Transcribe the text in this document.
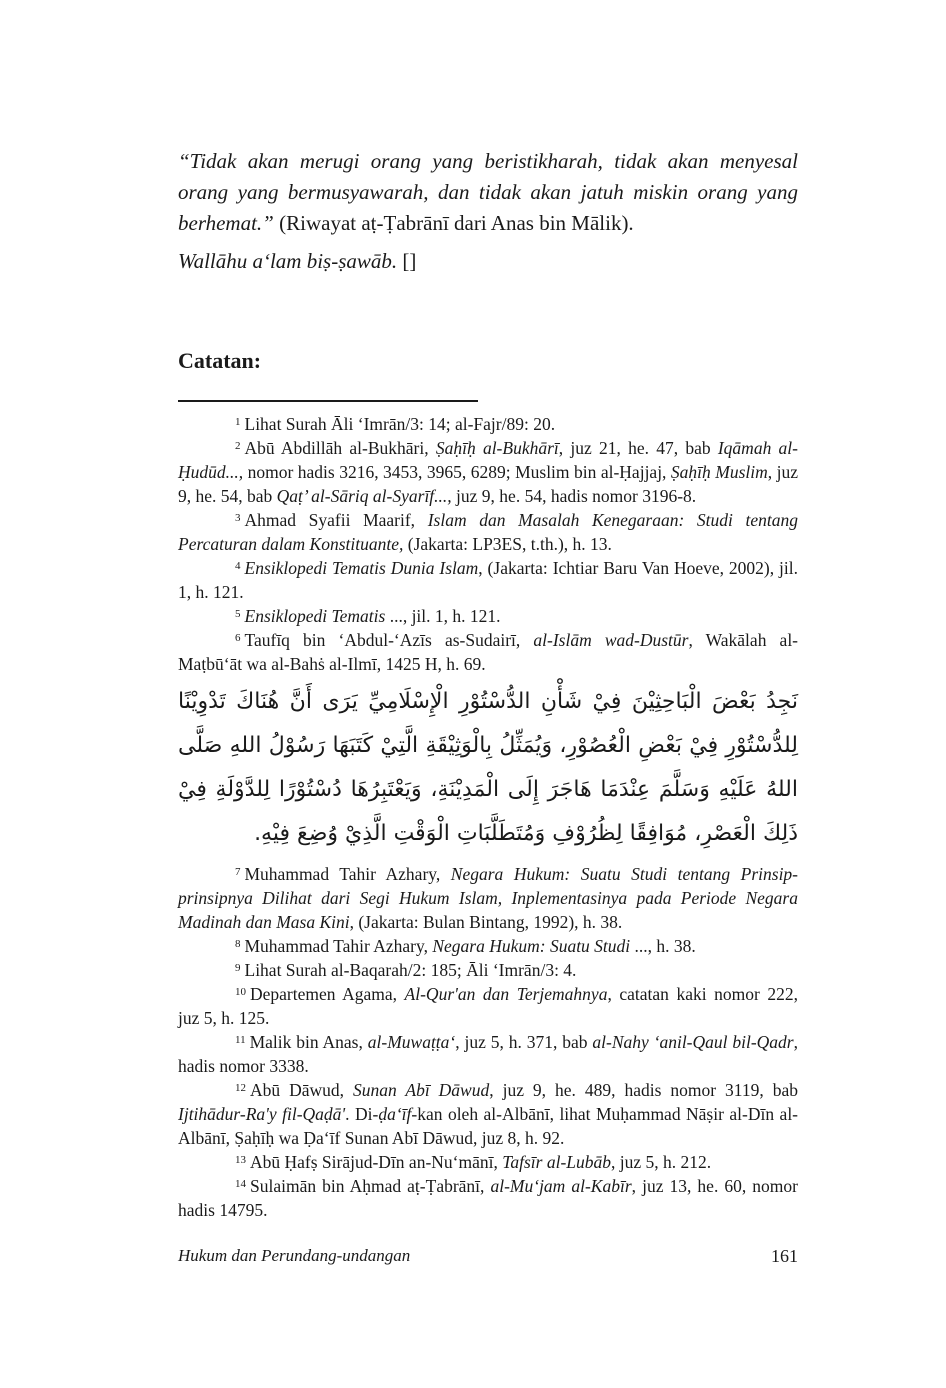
“Tidak akan merugi orang yang beristikharah, tidak akan menyesal orang yang bermusyawarah, dan tidak akan jatuh miskin orang yang berhemat.” (Riwayat aṭ-Ṭabrānī dari Anas bin Mālik).

Wallāhu a‘lam biṣ-ṣawāb. []

Catatan:

$^1$ Lihat Surah Āli ‘Imrān/3: 14; al-Fajr/89: 20.

$^2$ Abū Abdillāh al-Bukhāri, Ṣaḥīḥ al-Bukhārī, juz 21, he. 47, bab Iqāmah al-Ḥudūd..., nomor hadis 3216, 3453, 3965, 6289; Muslim bin al-Ḥajjaj, Ṣaḥīḥ Muslim, juz 9, he. 54, bab Qaṭ’ al-Sāriq al-Syarīf..., juz 9, he. 54, hadis nomor 3196-8.

$^3$ Ahmad Syafii Maarif, Islam dan Masalah Kenegaraan: Studi tentang Percaturan dalam Konstituante, (Jakarta: LP3ES, t.th.), h. 13.

$^4$ Ensiklopedi Tematis Dunia Islam, (Jakarta: Ichtiar Baru Van Hoeve, 2002), jil. 1, h. 121.

$^5$ Ensiklopedi Tematis ..., jil. 1, h. 121.

$^6$ Taufīq bin ‘Abdul-‘Azīs as-Sudairī, al-Islām wad-Dustūr, Wakālah al-Maṭbū‘āt wa al-Bahṡ al-Ilmī, 1425 H, h. 69.

نَجِدُ بَعْضَ الْبَاحِثِيْنَ فِيْ شَأْنِ الدُّسْتُوْرِ الْإِسْلَامِيِّ يَرَى أَنَّ هُنَاكَ تَدْوِيْنًا لِلدُّسْتُوْرِ فِيْ بَعْضِ الْعُصُوْرِ، وَيُمَثِّلُ بِالْوَثِيْقَةِ الَّتِيْ كَتَبَهَا رَسُوْلُ اللهِ صَلَّى اللهُ عَلَيْهِ وَسَلَّمَ عِنْدَمَا هَاجَرَ إِلَى الْمَدِيْنَةِ، وَيَعْتَبِرُهَا دُسْتُوْرًا لِلدَّوْلَةِ فِيْ ذَلِكَ الْعَصْرِ، مُوَافِقًا لِظُرُوْفِ وَمُتَطَلَّبَاتِ الْوَقْتِ الَّذِيْ وُضِعَ فِيْهِ.

$^7$ Muhammad Tahir Azhary, Negara Hukum: Suatu Studi tentang Prinsip-prinsipnya Dilihat dari Segi Hukum Islam, Inplementasinya pada Periode Negara Madinah dan Masa Kini, (Jakarta: Bulan Bintang, 1992), h. 38.

$^8$ Muhammad Tahir Azhary, Negara Hukum: Suatu Studi ..., h. 38.

$^9$ Lihat Surah al-Baqarah/2: 185; Āli ‘Imrān/3: 4.

$^{10}$ Departemen Agama, Al-Qur'an dan Terjemahnya, catatan kaki nomor 222, juz 5, h. 125.

$^{11}$ Malik bin Anas, al-Muwaṭṭa‘, juz 5, h. 371, bab al-Nahy ‘anil-Qaul bil-Qadr, hadis nomor 3338.

$^{12}$ Abū Dāwud, Sunan Abī Dāwud, juz 9, he. 489, hadis nomor 3119, bab Ijtihādur-Ra'y fil-Qaḍā'. Di-ḍa‘īf-kan oleh al-Albānī, lihat Muḥammad Nāṣir al-Dīn al-Albānī, Ṣaḥīḥ wa Ḍa‘īf Sunan Abī Dāwud, juz 8, h. 92.

$^{13}$ Abū Ḥafṣ Sirājud-Dīn an-Nu‘mānī, Tafsīr al-Lubāb, juz 5, h. 212.

$^{14}$ Sulaimān bin Aḥmad aṭ-Ṭabrānī, al-Mu‘jam al-Kabīr, juz 13, he. 60, nomor hadis 14795.

Hukum dan Perundang-undangan	161
